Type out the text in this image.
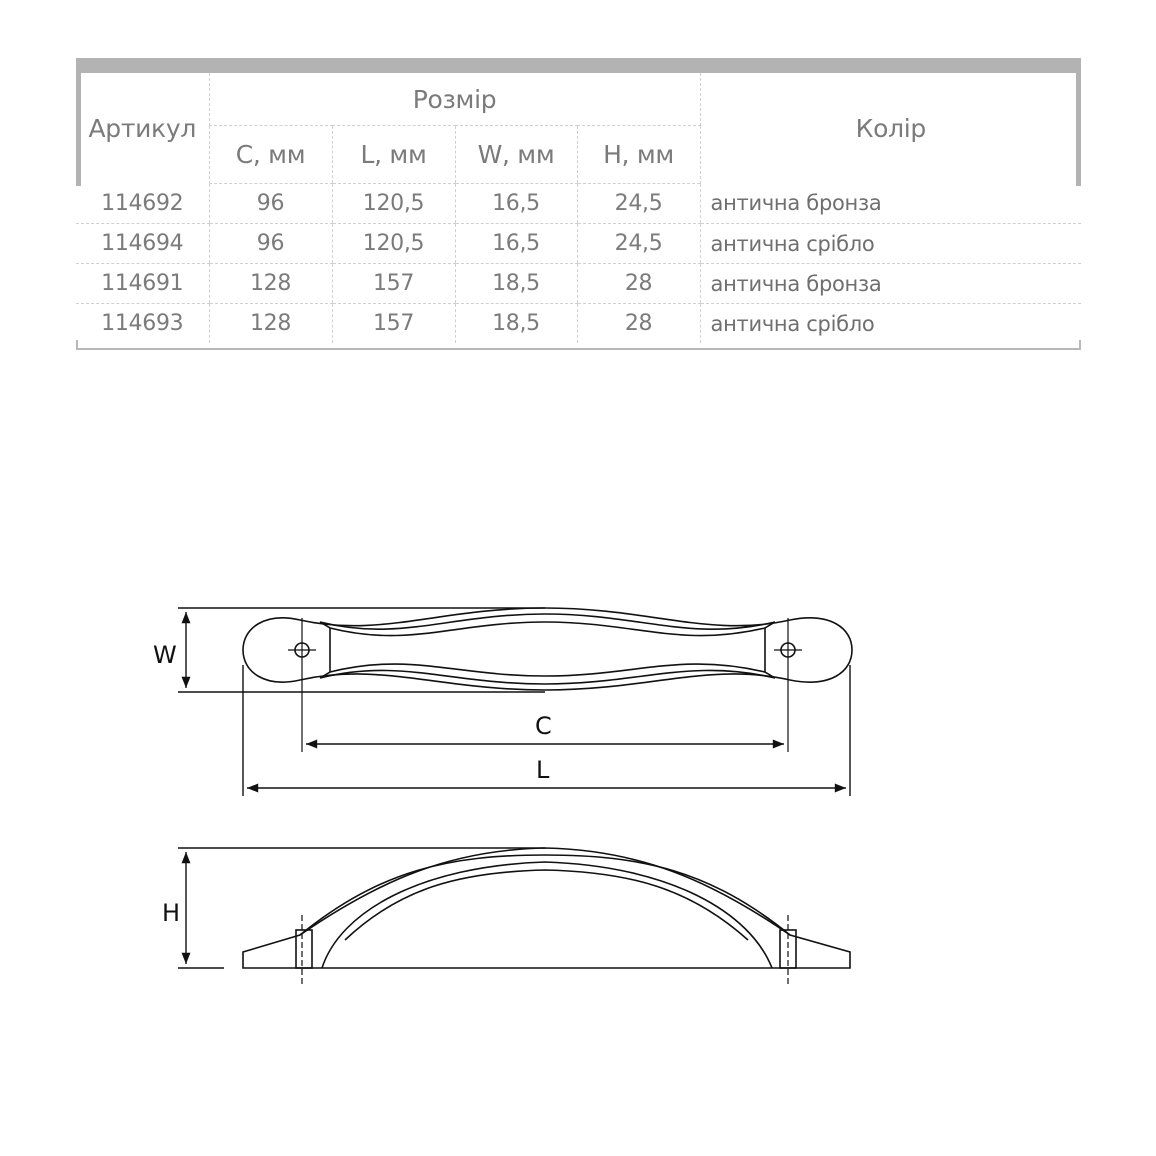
Артикул	Розмір				Колір
	C, мм	L, мм	W, мм	H, мм	
114692	96	120,5	16,5	24,5	антична бронза
114694	96	120,5	16,5	24,5	антична срібло
114691	128	157	18,5	28	антична бронза
114693	128	157	18,5	28	антична срібло
W
C
L
H
